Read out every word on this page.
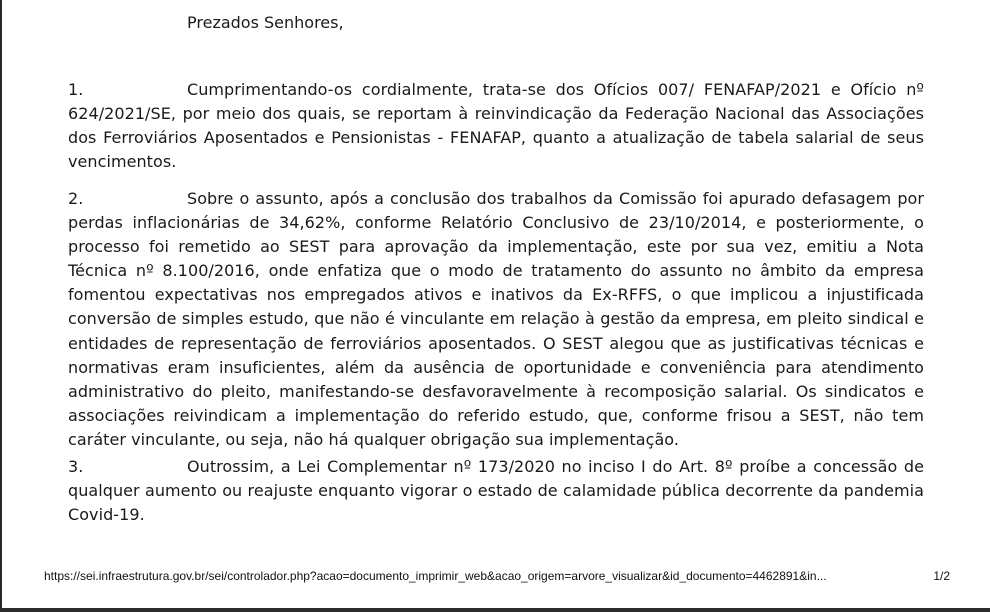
Prezados Senhores,
1.	Cumprimentando-os cordialmente, trata-se dos Ofícios 007/ FENAFAP/2021 e Ofício nº 624/2021/SE, por meio dos quais, se reportam à reinvindicação da Federação Nacional das Associações dos Ferroviários Aposentados e Pensionistas - FENAFAP, quanto a atualização de tabela salarial de seus vencimentos.
2.	Sobre o assunto, após a conclusão dos trabalhos da Comissão foi apurado defasagem por perdas inflacionárias de 34,62%, conforme Relatório Conclusivo de 23/10/2014, e posteriormente, o processo foi remetido ao SEST para aprovação da implementação, este por sua vez, emitiu a Nota Técnica nº 8.100/2016, onde enfatiza que o modo de tratamento do assunto no âmbito da empresa fomentou expectativas nos empregados ativos e inativos da Ex-RFFS, o que implicou a injustificada conversão de simples estudo, que não é vinculante em relação à gestão da empresa, em pleito sindical e entidades de representação de ferroviários aposentados. O SEST alegou que as justificativas técnicas e normativas eram insuficientes, além da ausência de oportunidade e conveniência para atendimento administrativo do pleito, manifestando-se desfavoravelmente à recomposição salarial. Os sindicatos e associações reivindicam a implementação do referido estudo, que, conforme frisou a SEST, não tem caráter vinculante, ou seja, não há qualquer obrigação sua implementação.
3.	Outrossim, a Lei Complementar nº 173/2020 no inciso I do Art. 8º proíbe a concessão de qualquer aumento ou reajuste enquanto vigorar o estado de calamidade pública decorrente da pandemia Covid-19.
https://sei.infraestrutura.gov.br/sei/controlador.php?acao=documento_imprimir_web&acao_origem=arvore_visualizar&id_documento=4462891&in...	1/2
